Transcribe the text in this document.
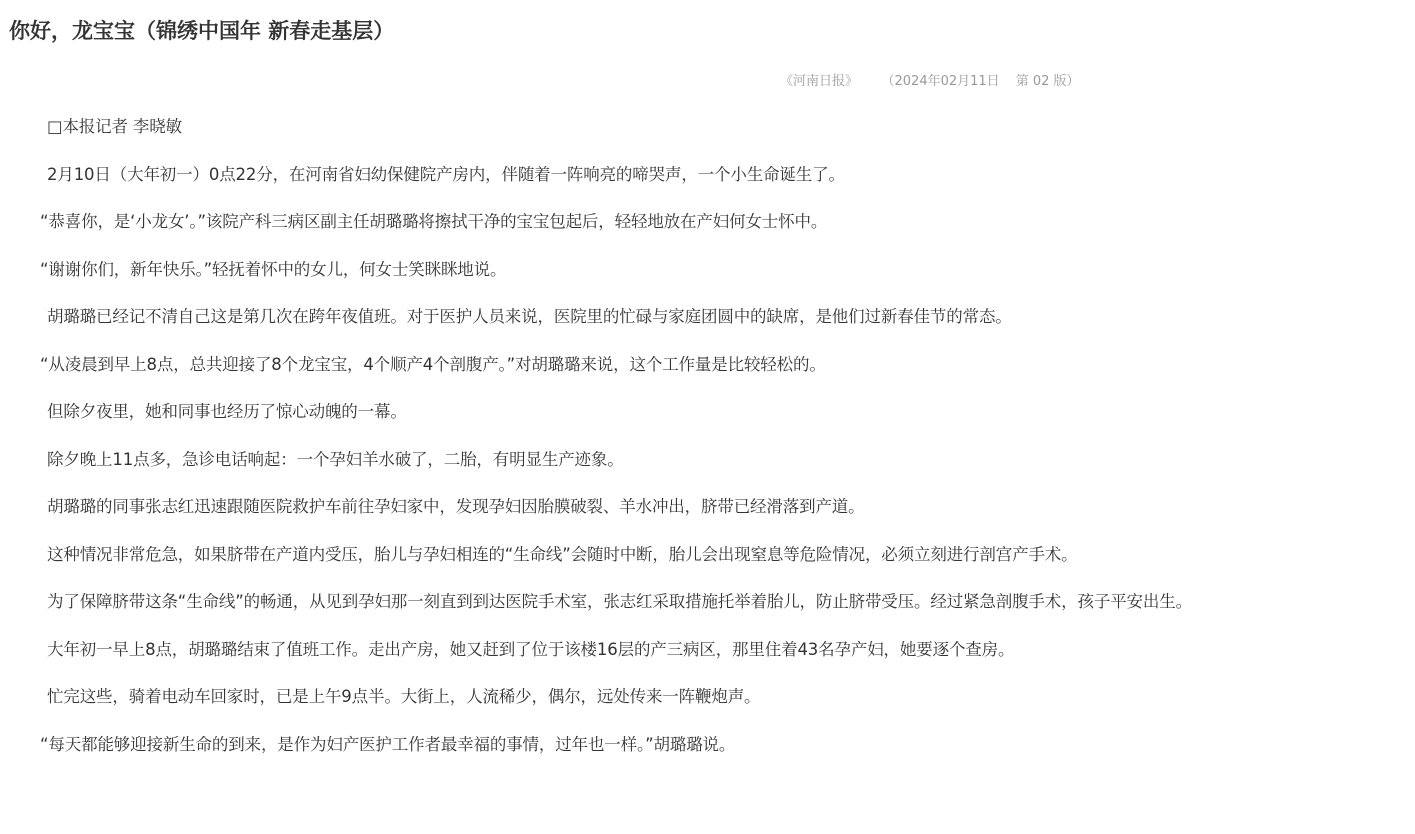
你好，龙宝宝（锦绣中国年 新春走基层）
《河南日报》 （2024年02月11日 第 02 版）

□本报记者 李晓敏

2月10日（大年初一）0点22分，在河南省妇幼保健院产房内，伴随着一阵响亮的啼哭声，一个小生命诞生了。

“恭喜你，是‘小龙女’。”该院产科三病区副主任胡璐璐将擦拭干净的宝宝包起后，轻轻地放在产妇何女士怀中。

“谢谢你们，新年快乐。”轻抚着怀中的女儿，何女士笑眯眯地说。

胡璐璐已经记不清自己这是第几次在跨年夜值班。对于医护人员来说，医院里的忙碌与家庭团圆中的缺席，是他们过新春佳节的常态。

“从凌晨到早上8点，总共迎接了8个龙宝宝，4个顺产4个剖腹产。”对胡璐璐来说，这个工作量是比较轻松的。

但除夕夜里，她和同事也经历了惊心动魄的一幕。

除夕晚上11点多，急诊电话响起：一个孕妇羊水破了，二胎，有明显生产迹象。

胡璐璐的同事张志红迅速跟随医院救护车前往孕妇家中，发现孕妇因胎膜破裂、羊水冲出，脐带已经滑落到产道。

这种情况非常危急，如果脐带在产道内受压，胎儿与孕妇相连的“生命线”会随时中断，胎儿会出现窒息等危险情况，必须立刻进行剖宫产手术。

为了保障脐带这条“生命线”的畅通，从见到孕妇那一刻直到到达医院手术室，张志红采取措施托举着胎儿，防止脐带受压。经过紧急剖腹手术，孩子平安出生。

大年初一早上8点，胡璐璐结束了值班工作。走出产房，她又赶到了位于该楼16层的产三病区，那里住着43名孕产妇，她要逐个查房。

忙完这些，骑着电动车回家时，已是上午9点半。大街上，人流稀少，偶尔，远处传来一阵鞭炮声。

“每天都能够迎接新生命的到来，是作为妇产医护工作者最幸福的事情，过年也一样。”胡璐璐说。
